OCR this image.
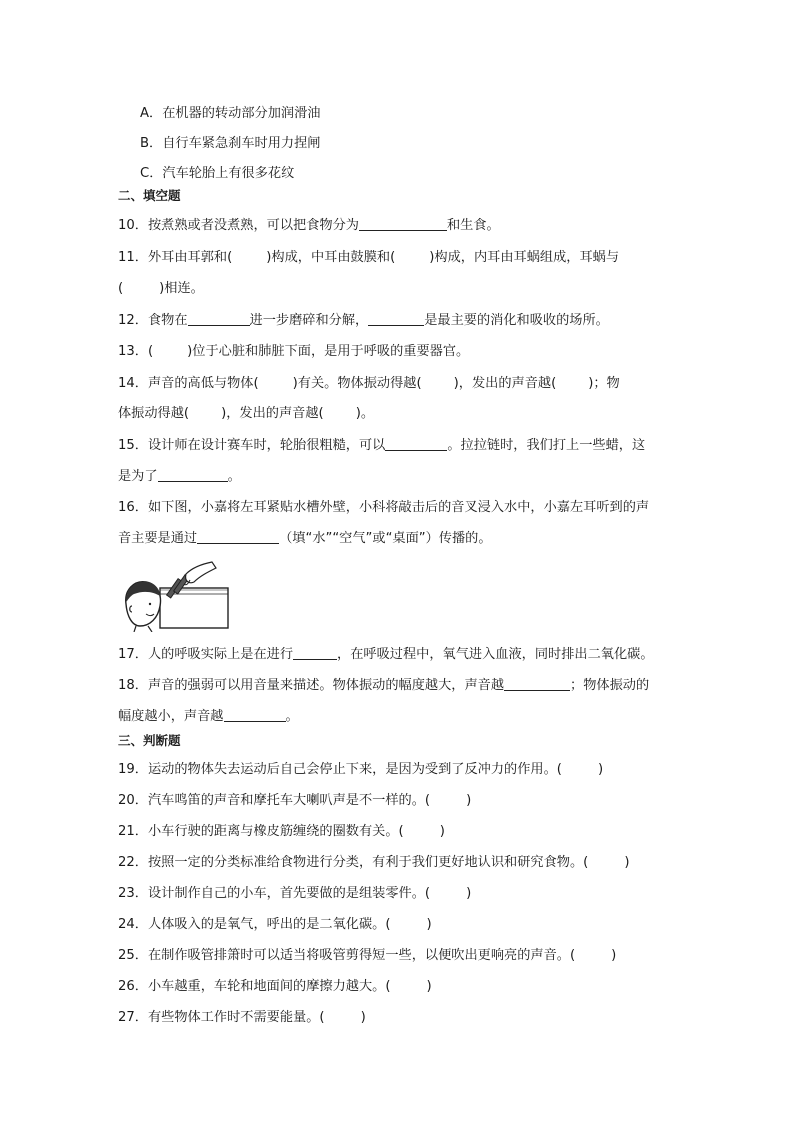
A．在机器的转动部分加润滑油
B．自行车紧急刹车时用力捏闸
C．汽车轮胎上有很多花纹
二、填空题
10．按煮熟或者没煮熟，可以把食物分为	和生食。
11．外耳由耳郭和(	)构成，中耳由鼓膜和(	)构成，内耳由耳蜗组成，耳蜗与
(	)相连。
12．食物在	进一步磨碎和分解，	是最主要的消化和吸收的场所。
13．(	)位于心脏和肺脏下面，是用于呼吸的重要器官。
14．声音的高低与物体(	)有关。物体振动得越( )，发出的声音越( )；物
体振动得越( )，发出的声音越( )。
15．设计师在设计赛车时，轮胎很粗糙，可以	。拉拉链时，我们打上一些蜡，这
是为了	。
16．如下图，小嘉将左耳紧贴水槽外壁，小科将敲击后的音叉浸入水中，小嘉左耳听到的声
音主要是通过	（填“水”“空气”或“桌面”）传播的。
17．人的呼吸实际上是在进行	，在呼吸过程中，氧气进入血液，同时排出二氧化碳。
18．声音的强弱可以用音量来描述。物体振动的幅度越大，声音越	；物体振动的
幅度越小，声音越	。
三、判断题
19．运动的物体失去运动后自己会停止下来，是因为受到了反冲力的作用。(	)
20．汽车鸣笛的声音和摩托车大喇叭声是不一样的。(	)
21．小车行驶的距离与橡皮筋缠绕的圈数有关。(	)
22．按照一定的分类标准给食物进行分类，有利于我们更好地认识和研究食物。(	)
23．设计制作自己的小车，首先要做的是组装零件。(	)
24．人体吸入的是氧气，呼出的是二氧化碳。(	)
25．在制作吸管排箫时可以适当将吸管剪得短一些，以便吹出更响亮的声音。(	)
26．小车越重，车轮和地面间的摩擦力越大。(	)
27．有些物体工作时不需要能量。(	)
